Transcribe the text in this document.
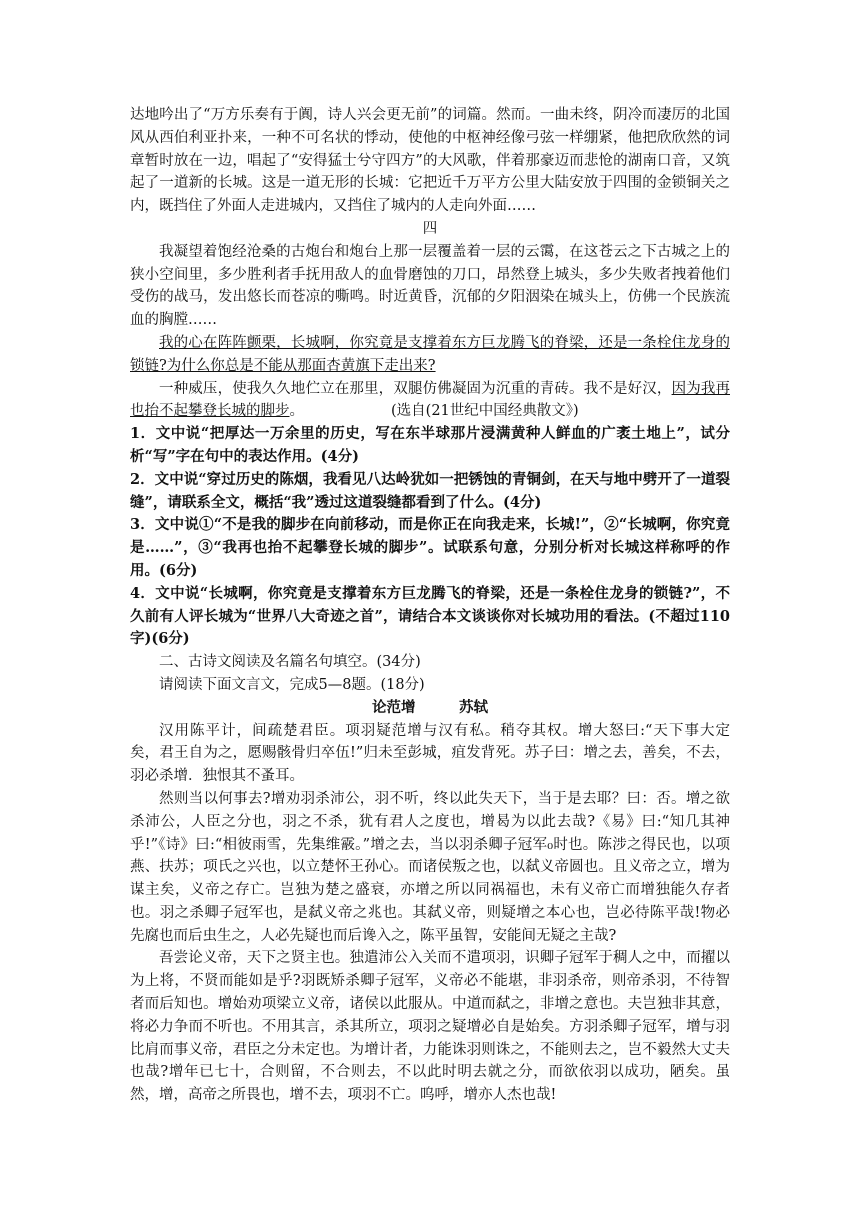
达地吟出了“万方乐奏有于阗，诗人兴会更无前”的词篇。然而。一曲未终，阴冷而凄厉的北国风从西伯利亚扑来，一种不可名状的悸动，使他的中枢神经像弓弦一样绷紧，他把欣欣然的词章暂时放在一边，唱起了“安得猛士兮守四方”的大风歌，伴着那豪迈而悲怆的湖南口音，又筑起了一道新的长城。这是一道无形的长城：它把近千万平方公里大陆安放于四围的金锁铜关之内，既挡住了外面人走进城内，又挡住了城内的人走向外面……

四

我凝望着饱经沧桑的古炮台和炮台上那一层覆盖着一层的云霭，在这苍云之下古城之上的狭小空间里，多少胜利者手抚用敌人的血骨磨蚀的刀口，昂然登上城头，多少失败者拽着他们受伤的战马，发出悠长而苍凉的嘶鸣。时近黄昏，沉郁的夕阳洇染在城头上，仿佛一个民族流血的胸膛……

我的心在阵阵颤栗，长城啊，你究竟是支撑着东方巨龙腾飞的脊梁，还是一条栓住龙身的锁链?为什么你总是不能从那面杏黄旗下走出来?

一种威压，使我久久地伫立在那里，双腿仿佛凝固为沉重的青砖。我不是好汉，因为我再也抬不起攀登长城的脚步。	(选自(21世纪中国经典散文》)

1．文中说“把厚达一万余里的历史，写在东半球那片浸满黄种人鲜血的广袤土地上”，试分　析“写”字在句中的表达作用。(4分)

2．文中说“穿过历史的陈烟，我看见八达岭犹如一把锈蚀的青铜剑，在天与地中劈开了一道裂缝”，请联系全文，概括“我”透过这道裂缝都看到了什么。(4分)

3．文中说①“不是我的脚步在向前移动，而是你正在向我走来，长城!”，②“长城啊，你究竟是……”，③“我再也抬不起攀登长城的脚步”。试联系句意，分别分析对长城这样称呼的作用。(6分)

4．文中说“长城啊，你究竟是支撑着东方巨龙腾飞的脊梁，还是一条栓住龙身的锁链?”，不久前有人评长城为“世界八大奇迹之首”，请结合本文谈谈你对长城功用的看法。(不超过110字)(6分)

二、古诗文阅读及名篇名句填空。(34分)

请阅读下面文言文，完成5—8题。(18分)

论范增	苏轼

汉用陈平计，间疏楚君臣。项羽疑范增与汉有私。稍夺其权。增大怒曰:“天下事大定　矣，君王自为之，愿赐骸骨归卒伍!”归未至彭城，疽发背死。苏子曰：增之去，善矣，不去，羽必杀增．独恨其不蚤耳。

然则当以何事去?增劝羽杀沛公，羽不听，终以此失天下，当于是去耶？曰：否。增之欲杀沛公，人臣之分也，羽之不杀，犹有君人之度也，增曷为以此去哉?《易》曰:“知几其神乎!”《诗》曰:“相彼雨雪，先集维霰。”增之去，当以羽杀卿子冠军₀时也。陈涉之得民也，以项燕、扶苏；项氏之兴也，以立楚怀王孙心。而诸侯叛之也，以弑义帝圆也。且义帝之立，增为谋主矣，义帝之存亡。岂独为楚之盛衰，亦增之所以同祸福也，未有义帝亡而增独能久存者也。羽之杀卿子冠军也，是弑义帝之兆也。其弑义帝，则疑增之本心也，岂必待陈平哉!物必先腐也而后虫生之，人必先疑也而后谗入之，陈平虽智，安能间无疑之主哉?

吾尝论义帝，天下之贤主也。独遣沛公入关而不遣项羽，识卿子冠军于稠人之中，而擢以为上将，不贤而能如是乎?羽既矫杀卿子冠军，义帝必不能堪，非羽杀帝，则帝杀羽，不待智者而后知也。增始劝项梁立义帝，诸侯以此服从。中道而弑之，非增之意也。夫岂独非其意，将必力争而不听也。不用其言，杀其所立，项羽之疑增必自是始矣。方羽杀卿子冠军，增与羽比肩而事义帝，君臣之分未定也。为增计者，力能诛羽则诛之，不能则去之，岂不毅然大丈夫也哉?增年已七十，合则留，不合则去，不以此时明去就之分，而欲依羽以成功，陋矣。虽然，增，高帝之所畏也，增不去，项羽不亡。呜呼，增亦人杰也哉!
